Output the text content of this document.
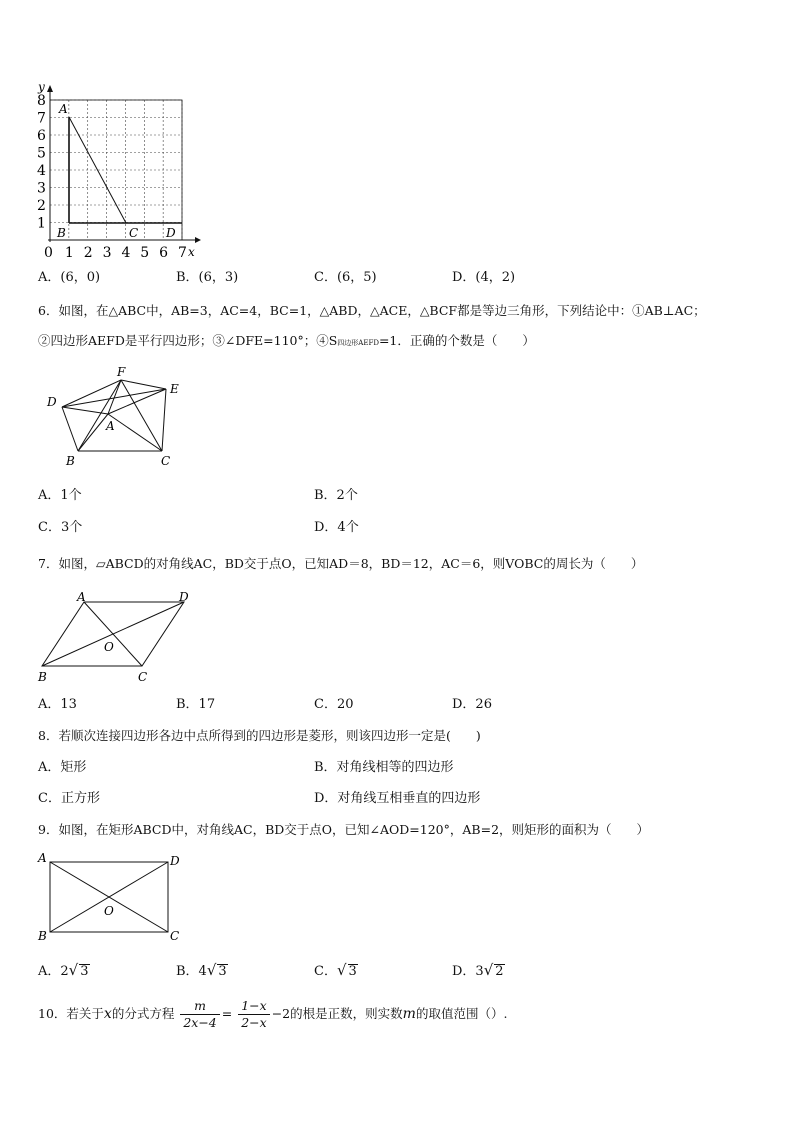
1
2
3
4
5
6
7
8
0 1 2 3 4 5 6 7
y
x
A
B	C D
A．(6，0)	B．(6，3)	C．(6，5)	D．(4，2)
6．如图，在△ABC中，AB=3，AC=4，BC=1，△ABD，△ACE，△BCF都是等边三角形，下列结论中：①AB⊥AC；
②四边形AEFD是平行四边形；③∠DFE=110°；④S四边形AEFD=1．正确的个数是（　　）
F
E
D
A
B	C
A．1个	B．2个
C．3个	D．4个
7．如图，▱ABCD的对角线AC，BD交于点O，已知AD＝8，BD＝12，AC＝6，则VOBC的周长为（　　）
A	D
O
B	C
A．13	B．17	C．20	D．26
8．若顺次连接四边形各边中点所得到的四边形是菱形，则该四边形一定是(　　)
A．矩形	B．对角线相等的四边形
C．正方形	D．对角线互相垂直的四边形
9．如图，在矩形ABCD中，对角线AC，BD交于点O，已知∠AOD=120°，AB=2，则矩形的面积为（　　）
A	D
O
B	C
A．2√ 3	B．4√ 3	C．√ 3	D．3√ 2
10．若关于x的分式方程 $\frac{m}{2x-4} = \frac{1-x}{2-x} -2$的根是正数，则实数m的取值范围（）.
